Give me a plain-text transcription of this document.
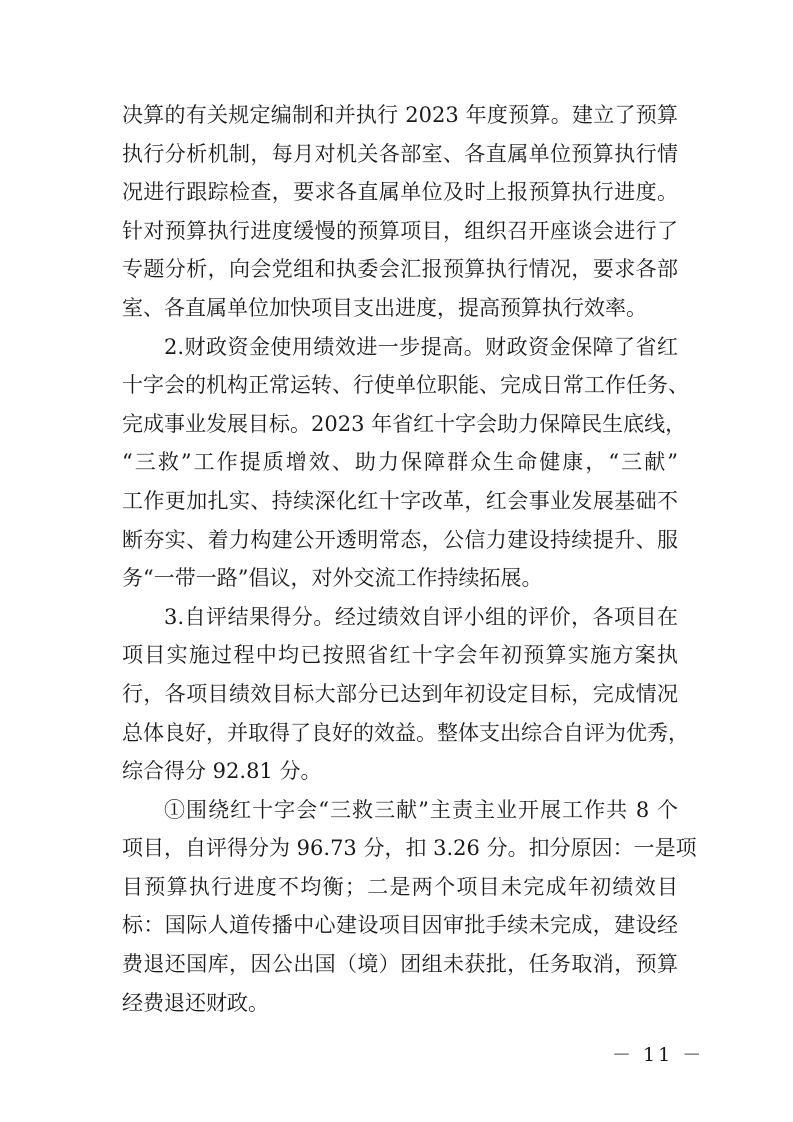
决算的有关规定编制和并执行 2023 年度预算。建立了预算
执行分析机制，每月对机关各部室、各直属单位预算执行情
况进行跟踪检查，要求各直属单位及时上报预算执行进度。
针对预算执行进度缓慢的预算项目，组织召开座谈会进行了
专题分析，向会党组和执委会汇报预算执行情况，要求各部
室、各直属单位加快项目支出进度，提高预算执行效率。
2.财政资金使用绩效进一步提高。财政资金保障了省红
十字会的机构正常运转、行使单位职能、完成日常工作任务、
完成事业发展目标。2023 年省红十字会助力保障民生底线，
“三救”工作提质增效、助力保障群众生命健康，“三献”
工作更加扎实、持续深化红十字改革，红会事业发展基础不
断夯实、着力构建公开透明常态，公信力建设持续提升、服
务“一带一路”倡议，对外交流工作持续拓展。
3.自评结果得分。经过绩效自评小组的评价，各项目在
项目实施过程中均已按照省红十字会年初预算实施方案执
行，各项目绩效目标大部分已达到年初设定目标，完成情况
总体良好，并取得了良好的效益。整体支出综合自评为优秀，
综合得分 92.81 分。
①围绕红十字会“三救三献”主责主业开展工作共 8 个
项目，自评得分为 96.73 分，扣 3.26 分。扣分原因：一是项
目预算执行进度不均衡；二是两个项目未完成年初绩效目
标：国际人道传播中心建设项目因审批手续未完成，建设经
费退还国库，因公出国（境）团组未获批，任务取消，预算
经费退还财政。
－ 11 －
